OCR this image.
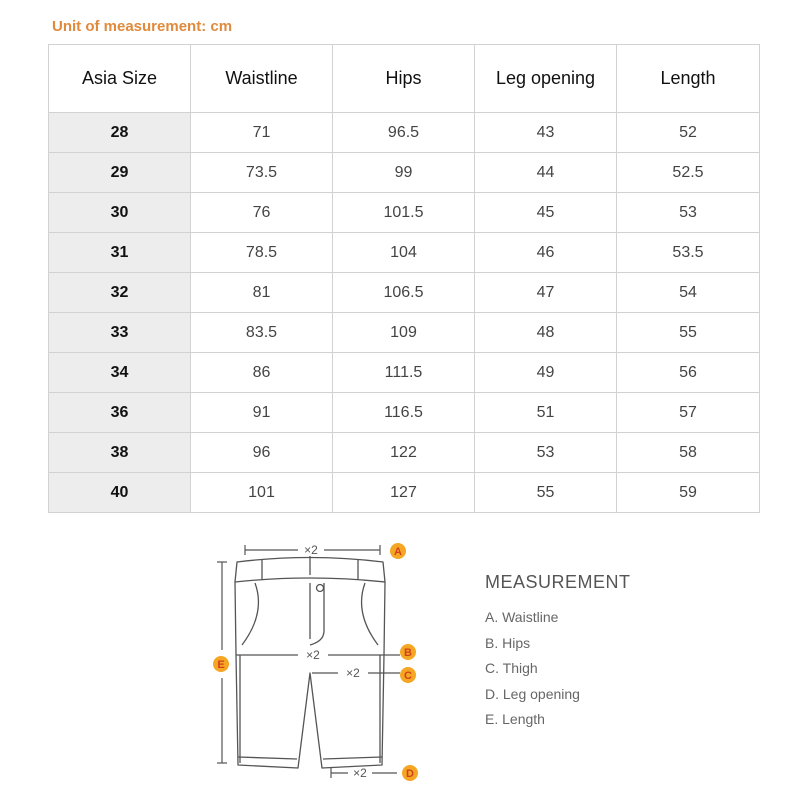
Unit of measurement: cm
Asia Size	Waistline	Hips	Leg opening	Length
28	71	96.5	43	52
29	73.5	99	44	52.5
30	76	101.5	45	53
31	78.5	104	46	53.5
32	81	106.5	47	54
33	83.5	109	48	55
34	86	111.5	49	56
36	91	116.5	51	57
38	96	122	53	58
40	101	127	55	59
×2
×2
×2
×2
A
B
C
D
E
MEASUREMENT
A. Waistline
B. Hips
C. Thigh
D. Leg opening
E. Length
